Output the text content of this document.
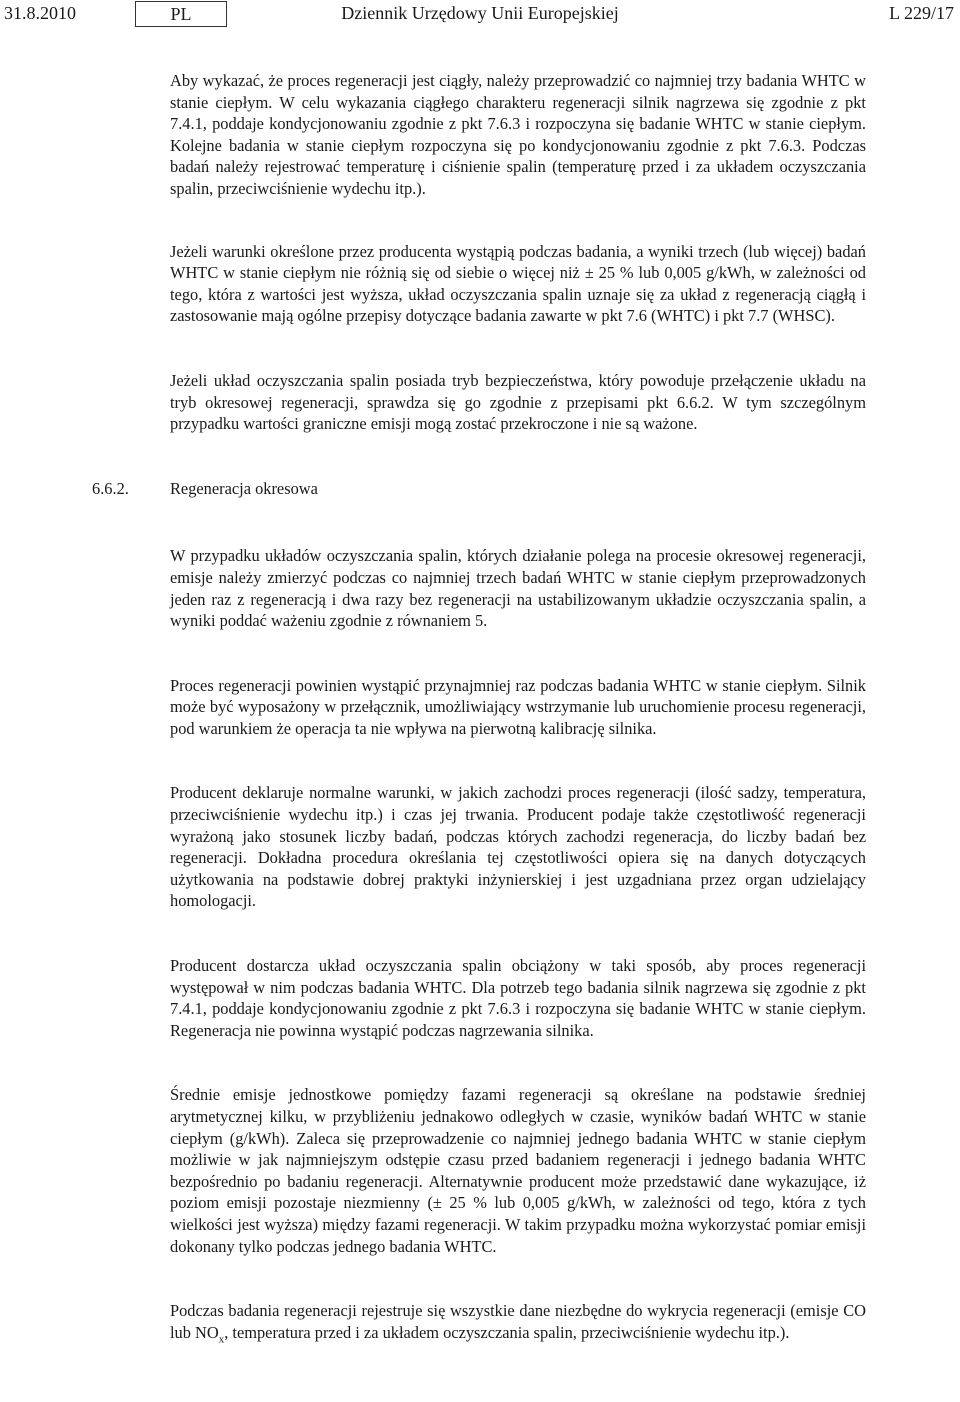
31.8.2010	PL	Dziennik Urzędowy Unii Europejskiej	L 229/17

Aby wykazać, że proces regeneracji jest ciągły, należy przeprowadzić co najmniej trzy badania WHTC w stanie ciepłym. W celu wykazania ciągłego charakteru regeneracji silnik nagrzewa się zgodnie z pkt 7.4.1, poddaje kondycjonowaniu zgodnie z pkt 7.6.3 i rozpoczyna się badanie WHTC w stanie ciepłym. Kolejne badania w stanie ciepłym rozpoczyna się po kondycjonowaniu zgodnie z pkt 7.6.3. Podczas badań należy rejestrować temperaturę i ciśnienie spalin (temperaturę przed i za układem oczyszczania spalin, przeciwciśnienie wydechu itp.).

Jeżeli warunki określone przez producenta wystąpią podczas badania, a wyniki trzech (lub więcej) badań WHTC w stanie ciepłym nie różnią się od siebie o więcej niż ± 25 % lub 0,005 g/kWh, w zależności od tego, która z wartości jest wyższa, układ oczyszczania spalin uznaje się za układ z regeneracją ciągłą i zastosowanie mają ogólne przepisy dotyczące badania zawarte w pkt 7.6 (WHTC) i pkt 7.7 (WHSC).

Jeżeli układ oczyszczania spalin posiada tryb bezpieczeństwa, który powoduje przełączenie układu na tryb okresowej regeneracji, sprawdza się go zgodnie z przepisami pkt 6.6.2. W tym szczególnym przypadku wartości graniczne emisji mogą zostać przekroczone i nie są ważone.

6.6.2.	Regeneracja okresowa

W przypadku układów oczyszczania spalin, których działanie polega na procesie okresowej regeneracji, emisje należy zmierzyć podczas co najmniej trzech badań WHTC w stanie ciepłym przeprowadzonych jeden raz z regeneracją i dwa razy bez regeneracji na ustabilizowanym układzie oczyszczania spalin, a wyniki poddać ważeniu zgodnie z równaniem 5.

Proces regeneracji powinien wystąpić przynajmniej raz podczas badania WHTC w stanie ciepłym. Silnik może być wyposażony w przełącznik, umożliwiający wstrzymanie lub uruchomienie procesu regeneracji, pod warunkiem że operacja ta nie wpływa na pierwotną kalibrację silnika.

Producent deklaruje normalne warunki, w jakich zachodzi proces regeneracji (ilość sadzy, temperatura, przeciwciśnienie wydechu itp.) i czas jej trwania. Producent podaje także częstotliwość regeneracji wyrażoną jako stosunek liczby badań, podczas których zachodzi regeneracja, do liczby badań bez regeneracji. Dokładna procedura określania tej częstotliwości opiera się na danych dotyczących użytkowania na podstawie dobrej praktyki inżynierskiej i jest uzgadniana przez organ udzielający homologacji.

Producent dostarcza układ oczyszczania spalin obciążony w taki sposób, aby proces regeneracji występował w nim podczas badania WHTC. Dla potrzeb tego badania silnik nagrzewa się zgodnie z pkt 7.4.1, poddaje kondycjonowaniu zgodnie z pkt 7.6.3 i rozpoczyna się badanie WHTC w stanie ciepłym. Regeneracja nie powinna wystąpić podczas nagrzewania silnika.

Średnie emisje jednostkowe pomiędzy fazami regeneracji są określane na podstawie średniej arytmetycznej kilku, w przybliżeniu jednakowo odległych w czasie, wyników badań WHTC w stanie ciepłym (g/kWh). Zaleca się przeprowadzenie co najmniej jednego badania WHTC w stanie ciepłym możliwie w jak najmniejszym odstępie czasu przed badaniem regeneracji i jednego badania WHTC bezpośrednio po badaniu regeneracji. Alternatywnie producent może przedstawić dane wykazujące, iż poziom emisji pozostaje niezmienny (± 25 % lub 0,005 g/kWh, w zależności od tego, która z tych wielkości jest wyższa) między fazami regeneracji. W takim przypadku można wykorzystać pomiar emisji dokonany tylko podczas jednego badania WHTC.

Podczas badania regeneracji rejestruje się wszystkie dane niezbędne do wykrycia regeneracji (emisje CO lub $NO_x$, temperatura przed i za układem oczyszczania spalin, przeciwciśnienie wydechu itp.).
